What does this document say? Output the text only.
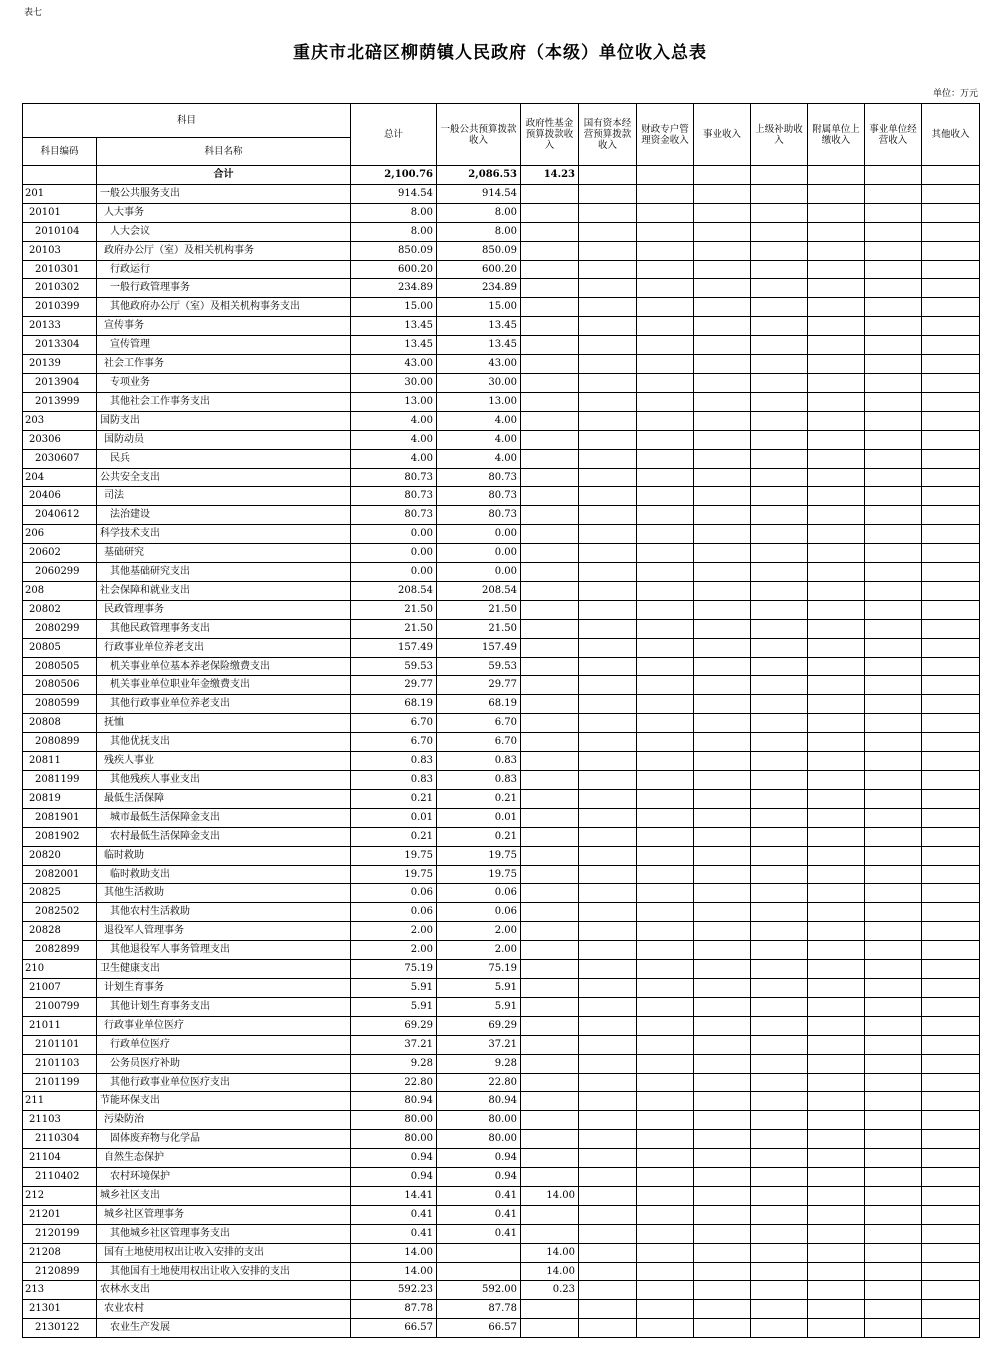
表七
重庆市北碚区柳荫镇人民政府（本级）单位收入总表
单位：万元
科目		总计	一般公共预算拨款收入	政府性基金预算拨款收入	国有资本经营预算拨款收入	财政专户管理资金收入	事业收入	上级补助收入	附属单位上缴收入	事业单位经营收入	其他收入
科目编码	科目名称										
	合计	2,100.76	2,086.53	14.23							
201	一般公共服务支出	914.54	914.54								
20101	人大事务	8.00	8.00								
2010104	人大会议	8.00	8.00								
20103	政府办公厅（室）及相关机构事务	850.09	850.09								
2010301	行政运行	600.20	600.20								
2010302	一般行政管理事务	234.89	234.89								
2010399	其他政府办公厅（室）及相关机构事务支出	15.00	15.00								
20133	宣传事务	13.45	13.45								
2013304	宣传管理	13.45	13.45								
20139	社会工作事务	43.00	43.00								
2013904	专项业务	30.00	30.00								
2013999	其他社会工作事务支出	13.00	13.00								
203	国防支出	4.00	4.00								
20306	国防动员	4.00	4.00								
2030607	民兵	4.00	4.00								
204	公共安全支出	80.73	80.73								
20406	司法	80.73	80.73								
2040612	法治建设	80.73	80.73								
206	科学技术支出	0.00	0.00								
20602	基础研究	0.00	0.00								
2060299	其他基础研究支出	0.00	0.00								
208	社会保障和就业支出	208.54	208.54								
20802	民政管理事务	21.50	21.50								
2080299	其他民政管理事务支出	21.50	21.50								
20805	行政事业单位养老支出	157.49	157.49								
2080505	机关事业单位基本养老保险缴费支出	59.53	59.53								
2080506	机关事业单位职业年金缴费支出	29.77	29.77								
2080599	其他行政事业单位养老支出	68.19	68.19								
20808	抚恤	6.70	6.70								
2080899	其他优抚支出	6.70	6.70								
20811	残疾人事业	0.83	0.83								
2081199	其他残疾人事业支出	0.83	0.83								
20819	最低生活保障	0.21	0.21								
2081901	城市最低生活保障金支出	0.01	0.01								
2081902	农村最低生活保障金支出	0.21	0.21								
20820	临时救助	19.75	19.75								
2082001	临时救助支出	19.75	19.75								
20825	其他生活救助	0.06	0.06								
2082502	其他农村生活救助	0.06	0.06								
20828	退役军人管理事务	2.00	2.00								
2082899	其他退役军人事务管理支出	2.00	2.00								
210	卫生健康支出	75.19	75.19								
21007	计划生育事务	5.91	5.91								
2100799	其他计划生育事务支出	5.91	5.91								
21011	行政事业单位医疗	69.29	69.29								
2101101	行政单位医疗	37.21	37.21								
2101103	公务员医疗补助	9.28	9.28								
2101199	其他行政事业单位医疗支出	22.80	22.80								
211	节能环保支出	80.94	80.94								
21103	污染防治	80.00	80.00								
2110304	固体废弃物与化学品	80.00	80.00								
21104	自然生态保护	0.94	0.94								
2110402	农村环境保护	0.94	0.94								
212	城乡社区支出	14.41	0.41	14.00							
21201	城乡社区管理事务	0.41	0.41								
2120199	其他城乡社区管理事务支出	0.41	0.41								
21208	国有土地使用权出让收入安排的支出	14.00		14.00							
2120899	其他国有土地使用权出让收入安排的支出	14.00		14.00							
213	农林水支出	592.23	592.00	0.23							
21301	农业农村	87.78	87.78								
2130122	农业生产发展	66.57	66.57								
